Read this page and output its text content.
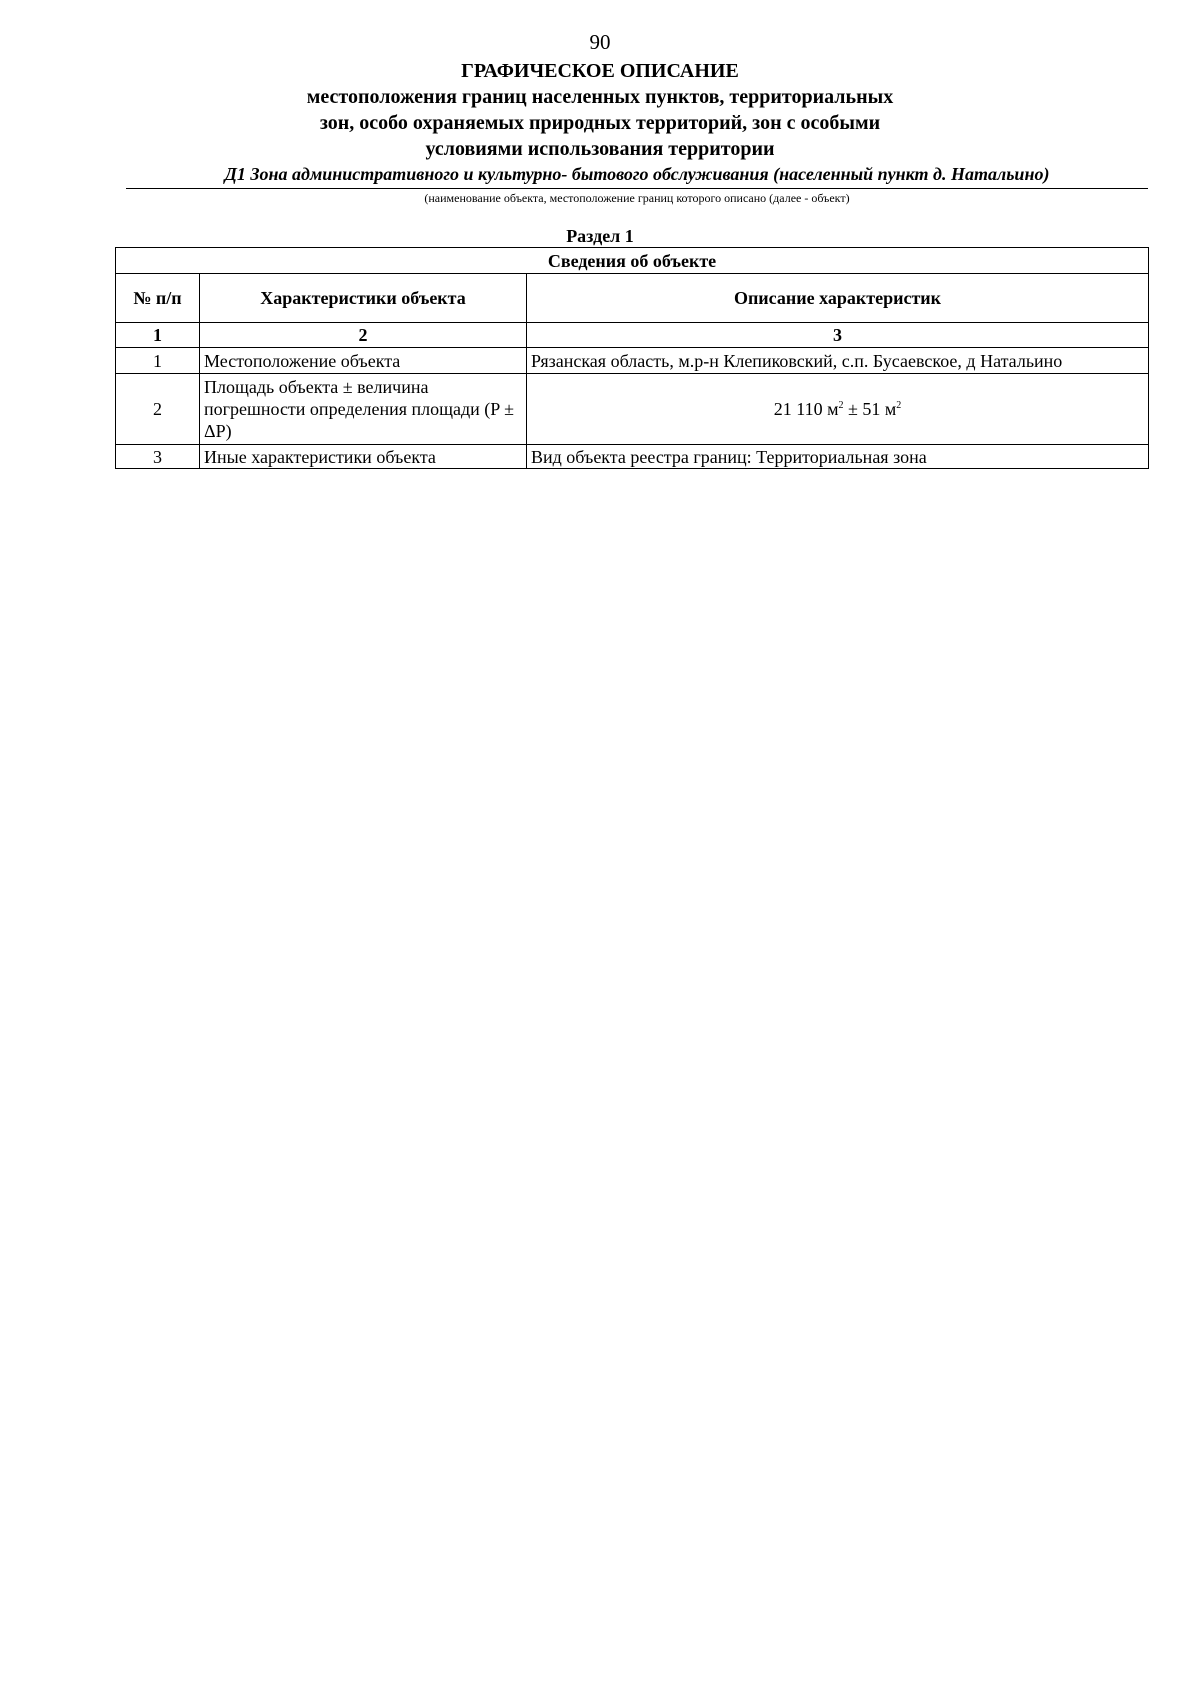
90
ГРАФИЧЕСКОЕ ОПИСАНИЕ
местоположения границ населенных пунктов, территориальных
зон, особо охраняемых природных территорий, зон с особыми
условиями использования территории
Д1 Зона административного и культурно- бытового обслуживания (населенный пункт д. Натальино)
(наименование объекта, местоположение границ которого описано (далее - объект)
Раздел 1
Сведения об объекте		
№ п/п	Характеристики объекта	Описание характеристик
1	2	3
1	Местоположение объекта	Рязанская область, м.р-н Клепиковский, с.п. Бусаевское, д Натальино
2	Площадь объекта ± величина погрешности определения площади (P ± ΔP)	21 110 $м^2 \pm 51$ $м^2$
3	Иные характеристики объекта	Вид объекта реестра границ: Территориальная зона
